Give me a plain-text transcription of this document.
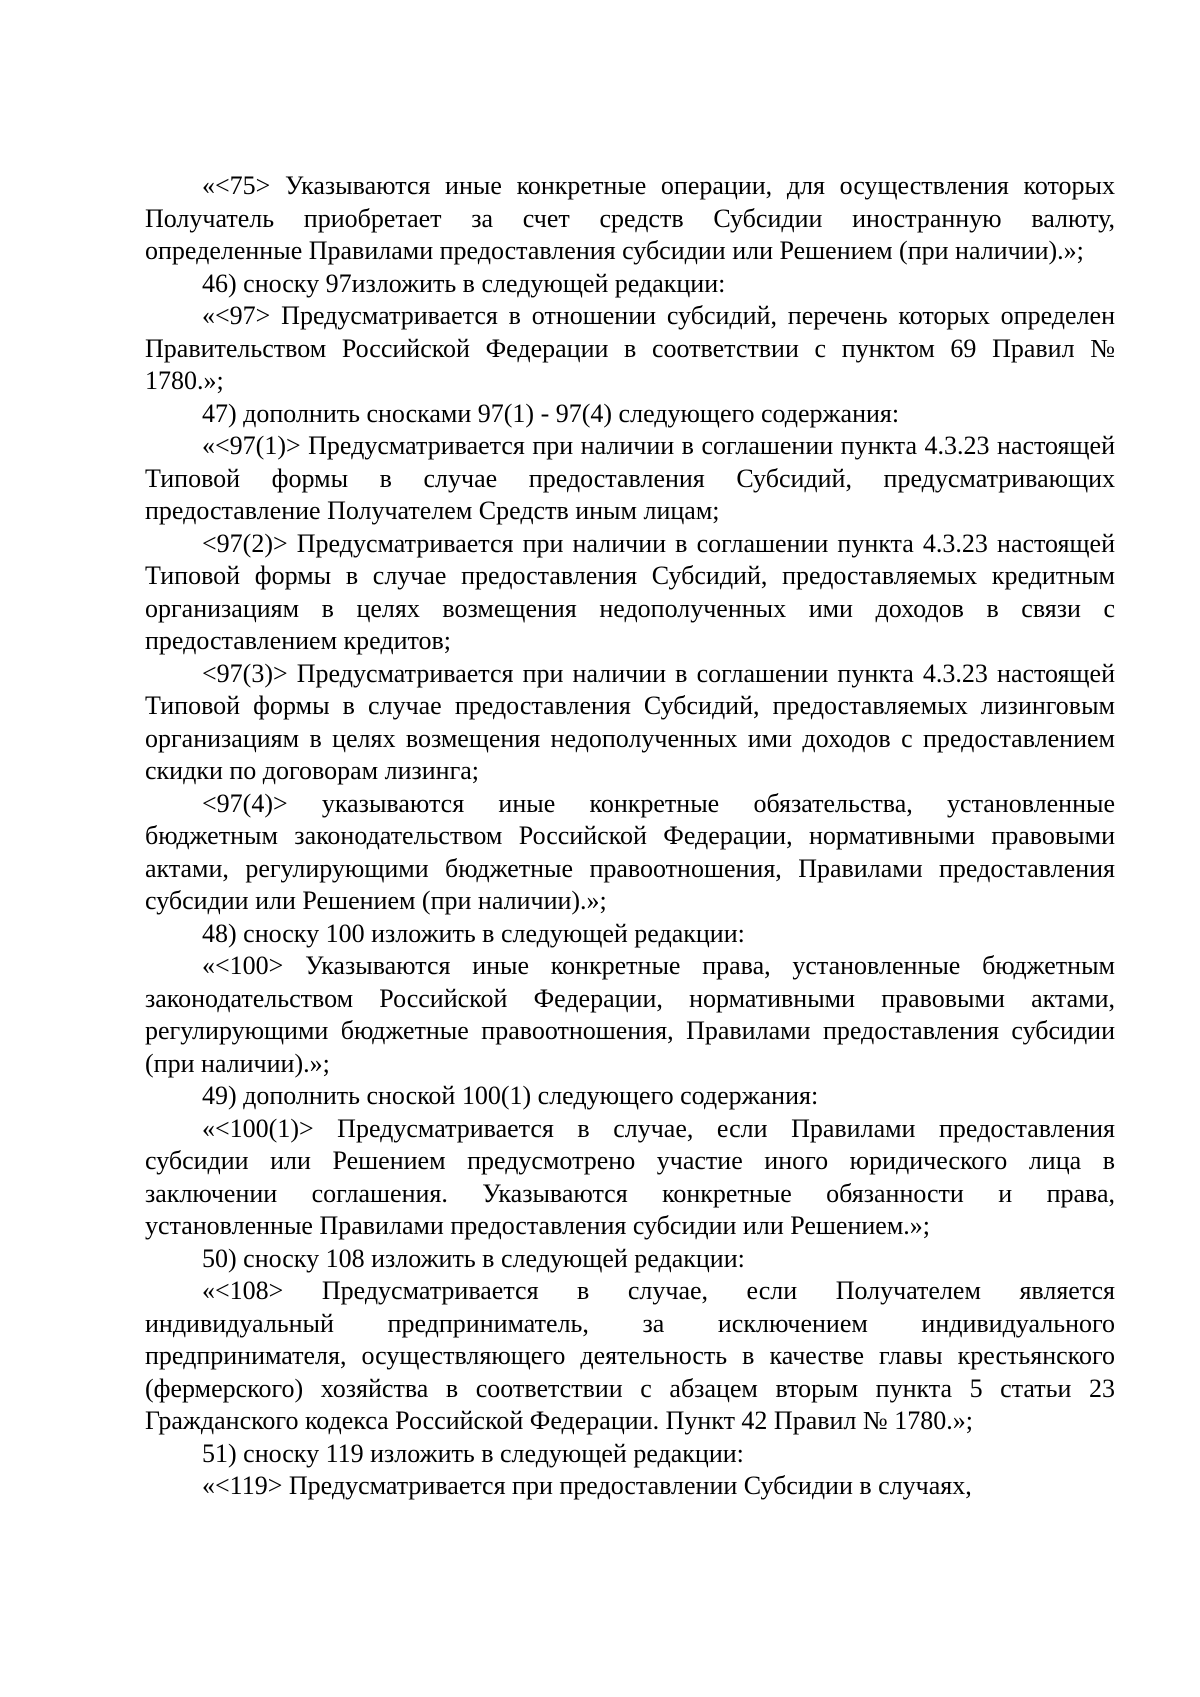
«<75> Указываются иные конкретные операции, для осуществления которых Получатель приобретает за счет средств Субсидии иностранную валюту, определенные Правилами предоставления субсидии или Решением (при наличии).»;

46) сноску 97изложить в следующей редакции:

«<97> Предусматривается в отношении субсидий, перечень которых определен Правительством Российской Федерации в соответствии с пунктом 69 Правил № 1780.»;

47) дополнить сносками 97(1) - 97(4) следующего содержания:

«<97(1)> Предусматривается при наличии в соглашении пункта 4.3.23 настоящей Типовой формы в случае предоставления Субсидий, предусматривающих предоставление Получателем Средств иным лицам;

<97(2)> Предусматривается при наличии в соглашении пункта 4.3.23 настоящей Типовой формы в случае предоставления Субсидий, предоставляемых кредитным организациям в целях возмещения недополученных ими доходов в связи с предоставлением кредитов;

<97(3)> Предусматривается при наличии в соглашении пункта 4.3.23 настоящей Типовой формы в случае предоставления Субсидий, предоставляемых лизинговым организациям в целях возмещения недополученных ими доходов с предоставлением скидки по договорам лизинга;

<97(4)> указываются иные конкретные обязательства, установленные бюджетным законодательством Российской Федерации, нормативными правовыми актами, регулирующими бюджетные правоотношения, Правилами предоставления субсидии или Решением (при наличии).»;

48) сноску 100 изложить в следующей редакции:

«<100> Указываются иные конкретные права, установленные бюджетным законодательством Российской Федерации, нормативными правовыми актами, регулирующими бюджетные правоотношения, Правилами предоставления субсидии (при наличии).»;

49) дополнить сноской 100(1) следующего содержания:

«<100(1)> Предусматривается в случае, если Правилами предоставления субсидии или Решением предусмотрено участие иного юридического лица в заключении соглашения. Указываются конкретные обязанности и права, установленные Правилами предоставления субсидии или Решением.»;

50) сноску 108 изложить в следующей редакции:

«<108> Предусматривается в случае, если Получателем является индивидуальный предприниматель, за исключением индивидуального предпринимателя, осуществляющего деятельность в качестве главы крестьянского (фермерского) хозяйства в соответствии с абзацем вторым пункта 5 статьи 23 Гражданского кодекса Российской Федерации. Пункт 42 Правил № 1780.»;

51) сноску 119 изложить в следующей редакции:

«<119> Предусматривается при предоставлении Субсидии в случаях,
